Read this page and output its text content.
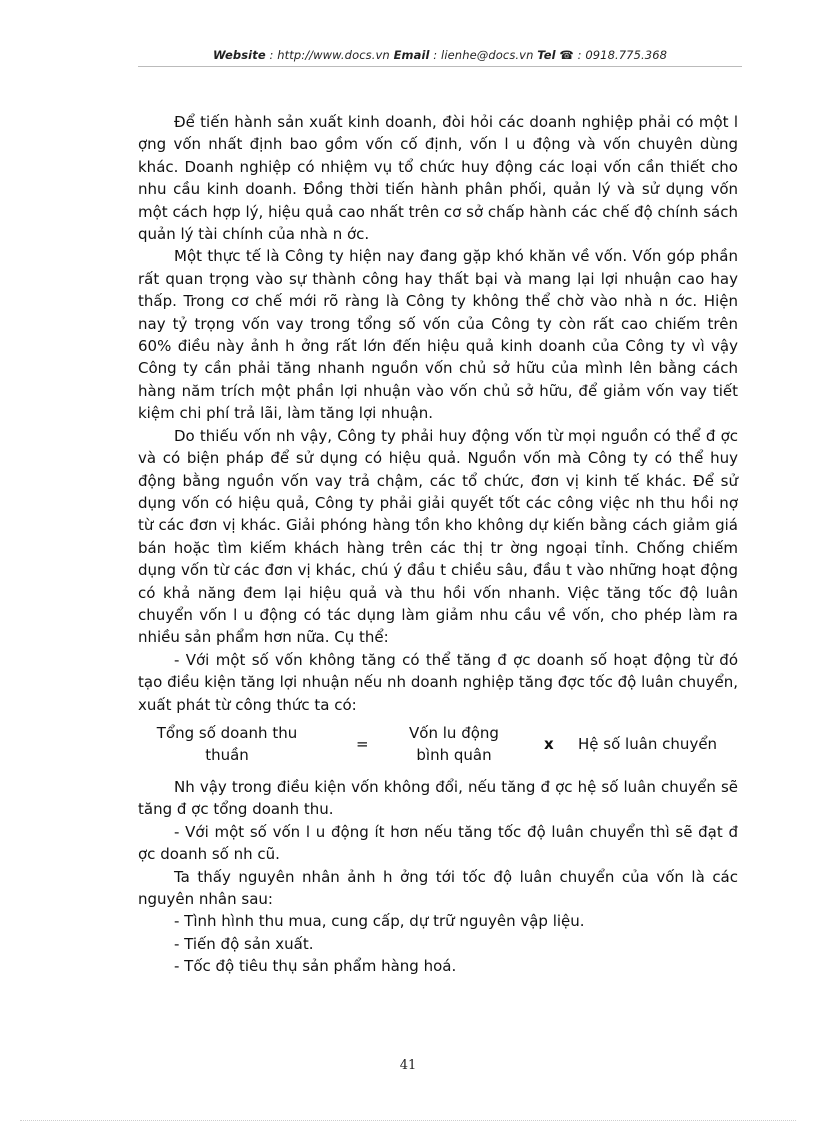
Website : http://www.docs.vn Email : lienhe@docs.vn Tel ☎ : 0918.775.368

Để tiến hành sản xuất kinh doanh, đòi hỏi các doanh nghiệp phải có một l ợng vốn nhất định bao gồm vốn cố định, vốn l u động và vốn chuyên dùng khác. Doanh nghiệp có nhiệm vụ tổ chức huy động các loại vốn cần thiết cho nhu cầu kinh doanh. Đồng thời tiến hành phân phối, quản lý và sử dụng vốn một cách hợp lý, hiệu quả cao nhất trên cơ sở chấp hành các chế độ chính sách quản lý tài chính của nhà n ớc.

Một thực tế là Công ty hiện nay đang gặp khó khăn về vốn. Vốn góp phần rất quan trọng vào sự thành công hay thất bại và mang lại lợi nhuận cao hay thấp. Trong cơ chế mới rõ ràng là Công ty không thể chờ vào nhà n ớc. Hiện nay tỷ trọng vốn vay trong tổng số vốn của Công ty còn rất cao chiếm trên 60% điều này ảnh h ởng rất lớn đến hiệu quả kinh doanh của Công ty vì vậy Công ty cần phải tăng nhanh nguồn vốn chủ sở hữu của mình lên bằng cách hàng năm trích một phần lợi nhuận vào vốn chủ sở hữu, để giảm vốn vay tiết kiệm chi phí trả lãi, làm tăng lợi nhuận.

Do thiếu vốn nh vậy, Công ty phải huy động vốn từ mọi nguồn có thể đ ợc và có biện pháp để sử dụng có hiệu quả. Nguồn vốn mà Công ty có thể huy động bằng nguồn vốn vay trả chậm, các tổ chức, đơn vị kinh tế khác. Để sử dụng vốn có hiệu quả, Công ty phải giải quyết tốt các công việc nh thu hồi nợ từ các đơn vị khác. Giải phóng hàng tồn kho không dự kiến bằng cách giảm giá bán hoặc tìm kiếm khách hàng trên các thị tr ờng ngoại tỉnh. Chống chiếm dụng vốn từ các đơn vị khác, chú ý đầu t chiều sâu, đầu t vào những hoạt động có khả năng đem lại hiệu quả và thu hồi vốn nhanh. Việc tăng tốc độ luân chuyển vốn l u động có tác dụng làm giảm nhu cầu về vốn, cho phép làm ra nhiều sản phẩm hơn nữa. Cụ thể:

- Với một số vốn không tăng có thể tăng đ ợc doanh số hoạt động từ đó tạo điều kiện tăng lợi nhuận nếu nh doanh nghiệp tăng đợc tốc độ luân chuyển, xuất phát từ công thức ta có:

Tổng số doanh thu
thuần
=
Vốn lu động
bình quân
x Hệ số luân chuyển

Nh vậy trong điều kiện vốn không đổi, nếu tăng đ ợc hệ số luân chuyển sẽ tăng đ ợc tổng doanh thu.

- Với một số vốn l u động ít hơn nếu tăng tốc độ luân chuyển thì sẽ đạt đ ợc doanh số nh cũ.

Ta thấy nguyên nhân ảnh h ởng tới tốc độ luân chuyển của vốn là các nguyên nhân sau:

- Tình hình thu mua, cung cấp, dự trữ nguyên vập liệu.

- Tiến độ sản xuất.

- Tốc độ tiêu thụ sản phẩm hàng hoá.

41
